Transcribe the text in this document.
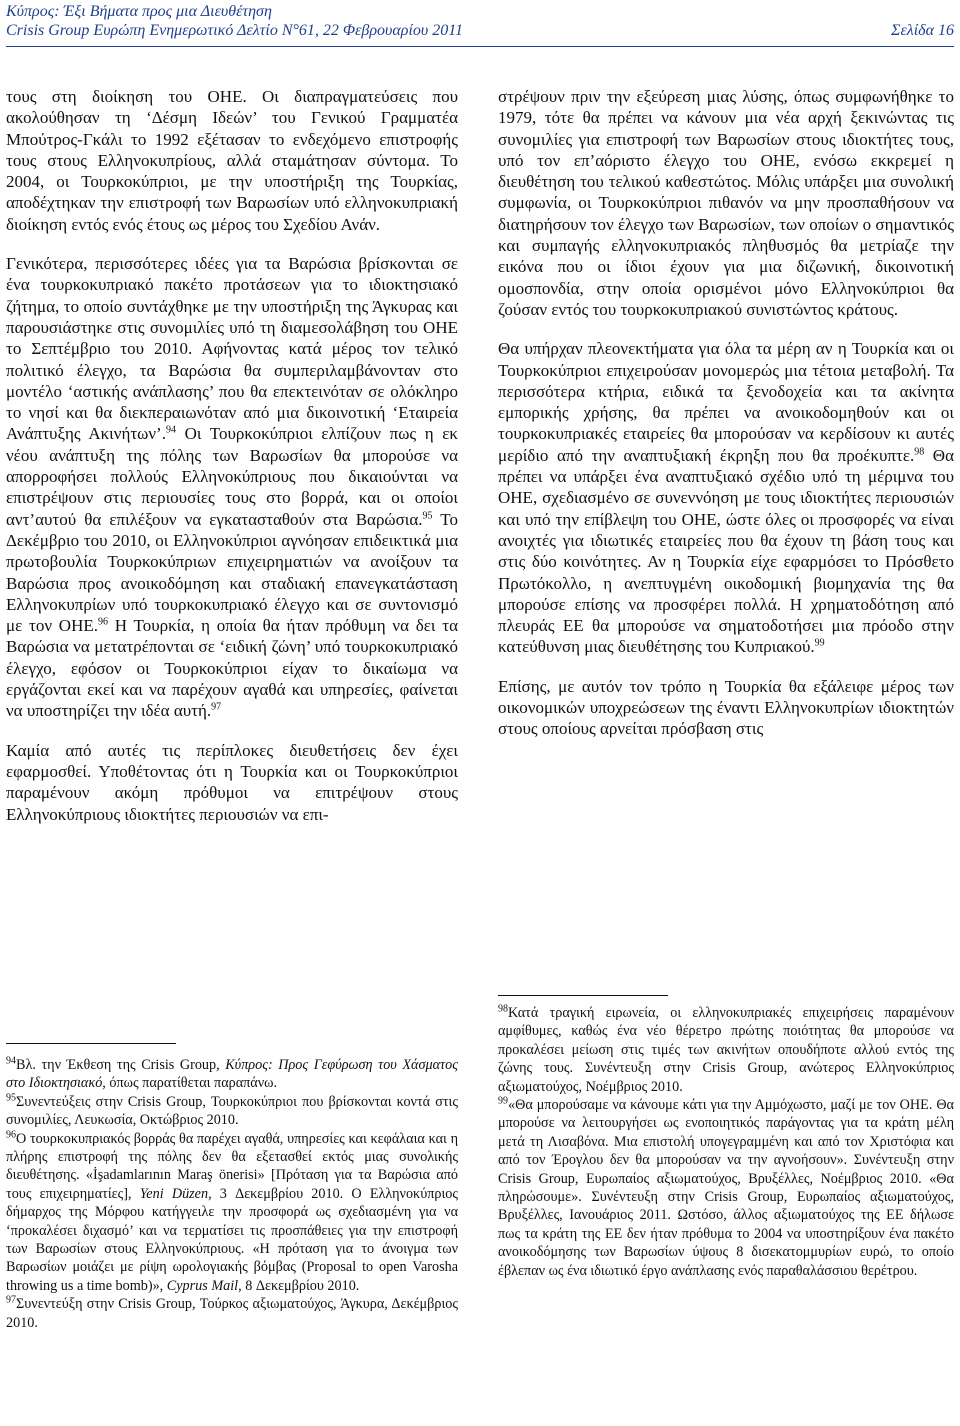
Κύπρος: Έξι Βήματα προς μια Διευθέτηση
Crisis Group Ευρώπη Ενημερωτικό Δελτίο N°61, 22 Φεβρουαρίου 2011	Σελίδα 16

τους στη διοίκηση του ΟΗΕ. Οι διαπραγματεύσεις που ακολούθησαν τη ‘Δέσμη Ιδεών’ του Γενικού Γραμματέα Μπούτρος-Γκάλι το 1992 εξέτασαν το ενδεχόμενο επιστροφής τους στους Ελληνοκυπρίους, αλλά σταμάτησαν σύντομα. Το 2004, οι Τουρκοκύπριοι, με την υποστήριξη της Τουρκίας, αποδέχτηκαν την επιστροφή των Βαρωσίων υπό ελληνοκυπριακή διοίκηση εντός ενός έτους ως μέρος του Σχεδίου Ανάν.

Γενικότερα, περισσότερες ιδέες για τα Βαρώσια βρίσκονται σε ένα τουρκοκυπριακό πακέτο προτάσεων για το ιδιοκτησιακό ζήτημα, το οποίο συντάχθηκε με την υποστήριξη της Άγκυρας και παρουσιάστηκε στις συνομιλίες υπό τη διαμεσολάβηση του ΟΗΕ το Σεπτέμβριο του 2010. Αφήνοντας κατά μέρος τον τελικό πολιτικό έλεγχο, τα Βαρώσια θα συμπεριλαμβάνονταν στο μοντέλο ‘αστικής ανάπλασης’ που θα επεκτεινόταν σε ολόκληρο το νησί και θα διεκπεραιωνόταν από μια δικοινοτική ‘Εταιρεία Ανάπτυξης Ακινήτων’.$^{94}$ Οι Τουρκοκύπριοι ελπίζουν πως η εκ νέου ανάπτυξη της πόλης των Βαρωσίων θα μπορούσε να απορροφήσει πολλούς Ελληνοκύπριους που δικαιούνται να επιστρέψουν στις περιουσίες τους στο βορρά, και οι οποίοι αντ’αυτού θα επιλέξουν να εγκατασταθούν στα Βαρώσια.$^{95}$ Το Δεκέμβριο του 2010, οι Ελληνοκύπριοι αγνόησαν επιδεικτικά μια πρωτοβουλία Τουρκοκύπριων επιχειρηματιών να ανοίξουν τα Βαρώσια προς ανοικοδόμηση και σταδιακή επανεγκατάσταση Ελληνοκυπρίων υπό τουρκοκυπριακό έλεγχο και σε συντονισμό με τον ΟΗΕ.$^{96}$ Η Τουρκία, η οποία θα ήταν πρόθυμη να δει τα Βαρώσια να μετατρέπονται σε ‘ειδική ζώνη’ υπό τουρκοκυπριακό έλεγχο, εφόσον οι Τουρκοκύπριοι είχαν το δικαίωμα να εργάζονται εκεί και να παρέχουν αγαθά και υπηρεσίες, φαίνεται να υποστηρίζει την ιδέα αυτή.$^{97}$

Καμία από αυτές τις περίπλοκες διευθετήσεις δεν έχει εφαρμοσθεί. Υποθέτοντας ότι η Τουρκία και οι Τουρκοκύπριοι παραμένουν ακόμη πρόθυμοι να επιτρέψουν στους Ελληνοκύπριους ιδιοκτήτες περιουσιών να επι-

στρέψουν πριν την εξεύρεση μιας λύσης, όπως συμφωνήθηκε το 1979, τότε θα πρέπει να κάνουν μια νέα αρχή ξεκινώντας τις συνομιλίες για επιστροφή των Βαρωσίων στους ιδιοκτήτες τους, υπό τον επ’αόριστο έλεγχο του ΟΗΕ, ενόσω εκκρεμεί η διευθέτηση του τελικού καθεστώτος. Μόλις υπάρξει μια συνολική συμφωνία, οι Τουρκοκύπριοι πιθανόν να μην προσπαθήσουν να διατηρήσουν τον έλεγχο των Βαρωσίων, των οποίων ο σημαντικός και συμπαγής ελληνοκυπριακός πληθυσμός θα μετρίαζε την εικόνα που οι ίδιοι έχουν για μια διζωνική, δικοινοτική ομοσπονδία, στην οποία ορισμένοι μόνο Ελληνοκύπριοι θα ζούσαν εντός του τουρκοκυπριακού συνιστώντος κράτους.

Θα υπήρχαν πλεονεκτήματα για όλα τα μέρη αν η Τουρκία και οι Τουρκοκύπριοι επιχειρούσαν μονομερώς μια τέτοια μεταβολή. Τα περισσότερα κτήρια, ειδικά τα ξενοδοχεία και τα ακίνητα εμπορικής χρήσης, θα πρέπει να ανοικοδομηθούν και οι τουρκοκυπριακές εταιρείες θα μπορούσαν να κερδίσουν κι αυτές μερίδιο από την αναπτυξιακή έκρηξη που θα προέκυπτε.$^{98}$ Θα πρέπει να υπάρξει ένα αναπτυξιακό σχέδιο υπό τη μέριμνα του ΟΗΕ, σχεδιασμένο σε συνεννόηση με τους ιδιοκτήτες περιουσιών και υπό την επίβλεψη του ΟΗΕ, ώστε όλες οι προσφορές να είναι ανοιχτές για ιδιωτικές εταιρείες που θα έχουν τη βάση τους και στις δύο κοινότητες. Αν η Τουρκία είχε εφαρμόσει το Πρόσθετο Πρωτόκολλο, η ανεπτυγμένη οικοδομική βιομηχανία της θα μπορούσε επίσης να προσφέρει πολλά. Η χρηματοδότηση από πλευράς ΕΕ θα μπορούσε να σηματοδοτήσει μια πρόοδο στην κατεύθυνση μιας διευθέτησης του Κυπριακού.$^{99}$

Επίσης, με αυτόν τον τρόπο η Τουρκία θα εξάλειφε μέρος των οικονομικών υποχρεώσεων της έναντι Ελληνοκυπρίων ιδιοκτητών στους οποίους αρνείται πρόσβαση στις

$^{94}$Βλ. την Έκθεση της Crisis Group, Κύπρος: Προς Γεφύρωση του Χάσματος στο Ιδιοκτησιακό, όπως παρατίθεται παραπάνω.

$^{95}$Συνεντεύξεις στην Crisis Group, Τουρκοκύπριοι που βρίσκονται κοντά στις συνομιλίες, Λευκωσία, Οκτώβριος 2010.

$^{96}$Ο τουρκοκυπριακός βορράς θα παρέχει αγαθά, υπηρεσίες και κεφάλαια και η πλήρης επιστροφή της πόλης δεν θα εξετασθεί εκτός μιας συνολικής διευθέτησης. «İşadamlarının Maraş önerisi» [Πρόταση για τα Βαρώσια από τους επιχειρηματίες], Yeni Düzen, 3 Δεκεμβρίου 2010. Ο Ελληνοκύπριος δήμαρχος της Μόρφου κατήγγειλε την προσφορά ως σχεδιασμένη για να ‘προκαλέσει διχασμό’ και να τερματίσει τις προσπάθειες για την επιστροφή των Βαρωσίων στους Ελληνοκύπριους. «Η πρόταση για το άνοιγμα των Βαρωσίων μοιάζει με ρίψη ωρολογιακής βόμβας (Proposal to open Varosha throwing us a time bomb)», Cyprus Mail, 8 Δεκεμβρίου 2010.

$^{97}$Συνεντεύξη στην Crisis Group, Τούρκος αξιωματούχος, Άγκυρα, Δεκέμβριος 2010.

$^{98}$Κατά τραγική ειρωνεία, οι ελληνοκυπριακές επιχειρήσεις παραμένουν αμφίθυμες, καθώς ένα νέο θέρετρο πρώτης ποιότητας θα μπορούσε να προκαλέσει μείωση στις τιμές των ακινήτων οπουδήποτε αλλού εντός της ζώνης τους. Συνέντευξη στην Crisis Group, ανώτερος Ελληνοκύπριος αξιωματούχος, Νοέμβριος 2010.

$^{99}$«Θα μπορούσαμε να κάνουμε κάτι για την Αμμόχωστο, μαζί με τον ΟΗΕ. Θα μπορούσε να λειτουργήσει ως ενοποιητικός παράγοντας για τα κράτη μέλη μετά τη Λισαβόνα. Μια επιστολή υπογεγραμμένη και από τον Χριστόφια και από τον Έρογλου δεν θα μπορούσαν να την αγνοήσουν». Συνέντευξη στην Crisis Group, Ευρωπαίος αξιωματούχος, Βρυξέλλες, Νοέμβριος 2010. «Θα πληρώσουμε». Συνέντευξη στην Crisis Group, Ευρωπαίος αξιωματούχος, Βρυξέλλες, Ιανουάριος 2011. Ωστόσο, άλλος αξιωματούχος της ΕΕ δήλωσε πως τα κράτη της ΕΕ δεν ήταν πρόθυμα το 2004 να υποστηρίξουν ένα πακέτο ανοικοδόμησης των Βαρωσίων ύψους 8 δισεκατομμυρίων ευρώ, το οποίο έβλεπαν ως ένα ιδιωτικό έργο ανάπλασης ενός παραθαλάσσιου θερέτρου.
